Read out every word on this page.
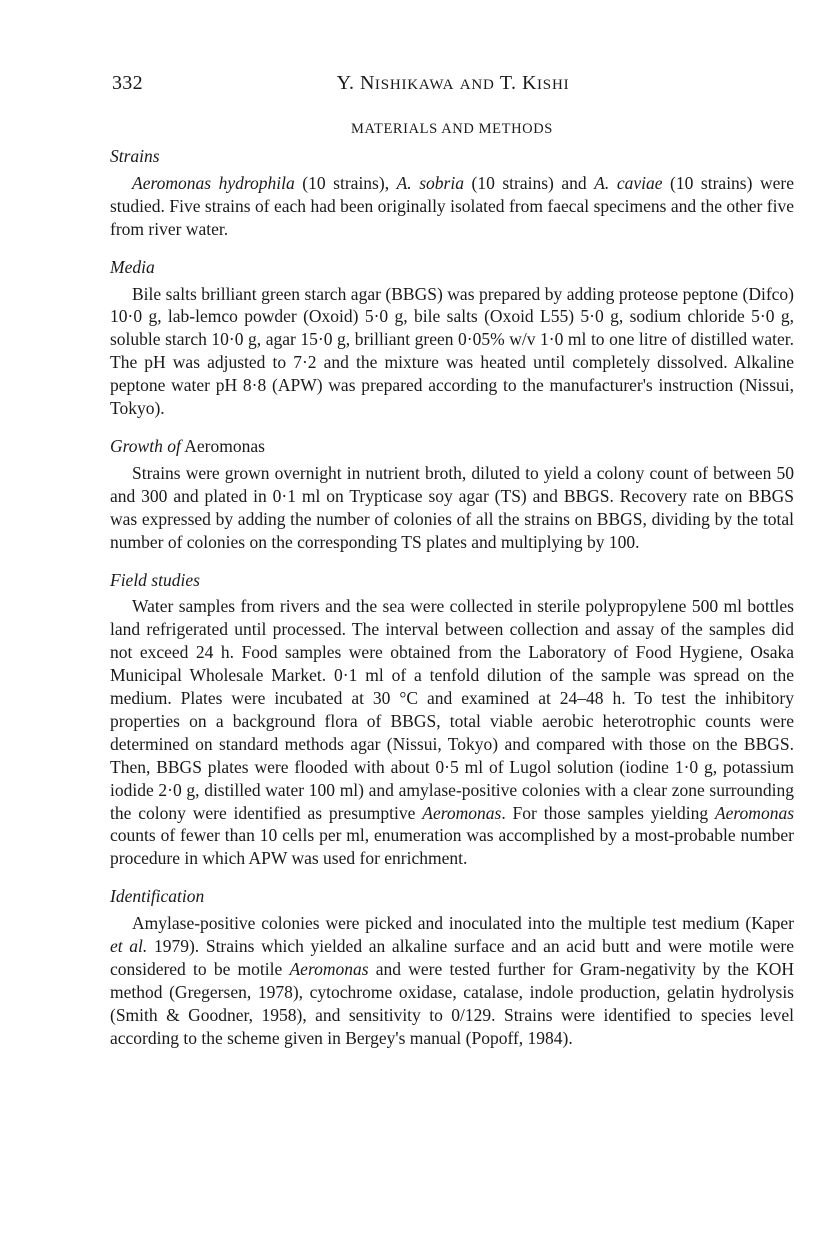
332	Y. NISHIKAWA AND T. KISHI
MATERIALS AND METHODS

Strains

Aeromonas hydrophila (10 strains), A. sobria (10 strains) and A. caviae (10 strains) were studied. Five strains of each had been originally isolated from faecal specimens and the other five from river water.

Media

Bile salts brilliant green starch agar (BBGS) was prepared by adding proteose peptone (Difco) 10·0 g, lab-lemco powder (Oxoid) 5·0 g, bile salts (Oxoid L55) 5·0 g, sodium chloride 5·0 g, soluble starch 10·0 g, agar 15·0 g, brilliant green 0·05% w/v 1·0 ml to one litre of distilled water. The pH was adjusted to 7·2 and the mixture was heated until completely dissolved. Alkaline peptone water pH 8·8 (APW) was prepared according to the manufacturer's instruction (Nissui, Tokyo).

Growth of Aeromonas

Strains were grown overnight in nutrient broth, diluted to yield a colony count of between 50 and 300 and plated in 0·1 ml on Trypticase soy agar (TS) and BBGS. Recovery rate on BBGS was expressed by adding the number of colonies of all the strains on BBGS, dividing by the total number of colonies on the corresponding TS plates and multiplying by 100.

Field studies

Water samples from rivers and the sea were collected in sterile polypropylene 500 ml bottles land refrigerated until processed. The interval between collection and assay of the samples did not exceed 24 h. Food samples were obtained from the Laboratory of Food Hygiene, Osaka Municipal Wholesale Market. 0·1 ml of a tenfold dilution of the sample was spread on the medium. Plates were incubated at 30 °C and examined at 24–48 h. To test the inhibitory properties on a background flora of BBGS, total viable aerobic heterotrophic counts were determined on standard methods agar (Nissui, Tokyo) and compared with those on the BBGS. Then, BBGS plates were flooded with about 0·5 ml of Lugol solution (iodine 1·0 g, potassium iodide 2·0 g, distilled water 100 ml) and amylase-positive colonies with a clear zone surrounding the colony were identified as presumptive Aeromonas. For those samples yielding Aeromonas counts of fewer than 10 cells per ml, enumeration was accomplished by a most-probable number procedure in which APW was used for enrichment.

Identification

Amylase-positive colonies were picked and inoculated into the multiple test medium (Kaper et al. 1979). Strains which yielded an alkaline surface and an acid butt and were motile were considered to be motile Aeromonas and were tested further for Gram-negativity by the KOH method (Gregersen, 1978), cytochrome oxidase, catalase, indole production, gelatin hydrolysis (Smith & Goodner, 1958), and sensitivity to 0/129. Strains were identified to species level according to the scheme given in Bergey's manual (Popoff, 1984).
